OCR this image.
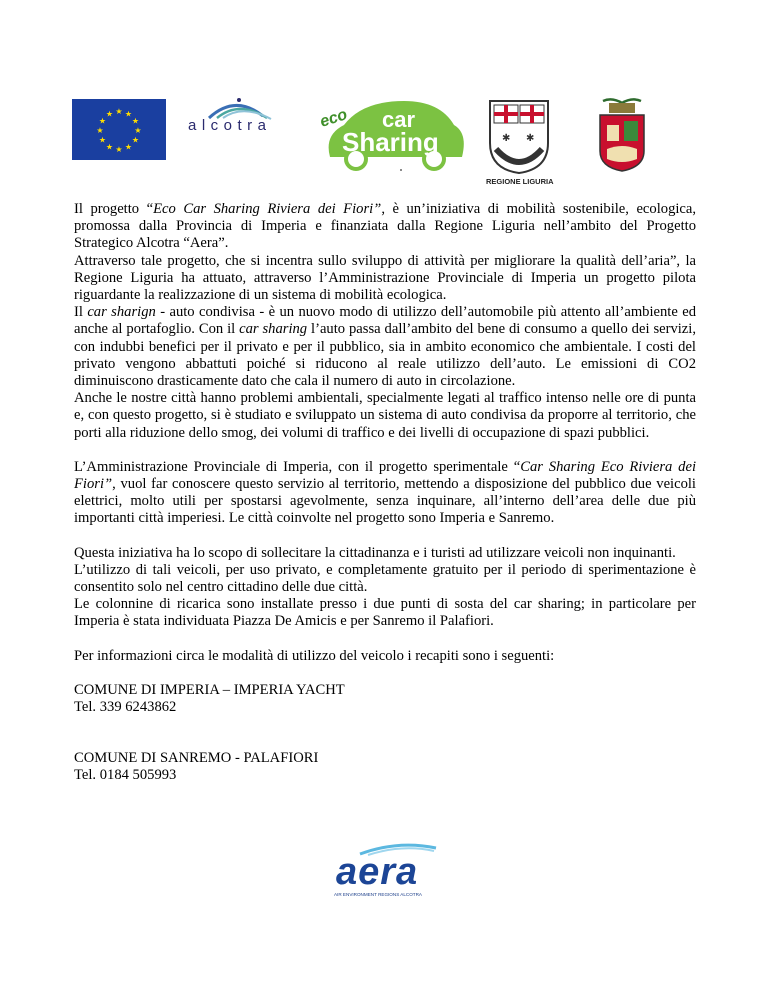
★ ★
★
★
★
★
★
★
★
★
★
★
alcotra	eco car
Sharing	✱ ✱
REGIONE LIGURIA

Il progetto “Eco Car Sharing Riviera dei Fiori”, è un’iniziativa di mobilità sostenibile, ecologica, promossa dalla Provincia di Imperia e finanziata dalla Regione Liguria nell’ambito del Progetto Strategico Alcotra “Aera”.

Attraverso tale progetto, che si incentra sullo sviluppo di attività per migliorare la qualità dell’aria”, la Regione Liguria ha attuato, attraverso l’Amministrazione Provinciale di Imperia un progetto pilota riguardante la realizzazione di un sistema di mobilità ecologica.

Il car sharign - auto condivisa - è un nuovo modo di utilizzo dell’automobile più attento all’ambiente ed anche al portafoglio. Con il car sharing l’auto passa dall’ambito del bene di consumo a quello dei servizi, con indubbi benefici per il privato e per il pubblico, sia in ambito economico che ambientale. I costi del privato vengono abbattuti poiché si riducono al reale utilizzo dell’auto. Le emissioni di CO2 diminuiscono drasticamente dato che cala il numero di auto in circolazione.

Anche le nostre città hanno problemi ambientali, specialmente legati al traffico intenso nelle ore di punta e, con questo progetto, si è studiato e sviluppato un sistema di auto condivisa da proporre al territorio, che porti alla riduzione dello smog, dei volumi di traffico e dei livelli di occupazione di spazi pubblici.

L’Amministrazione Provinciale di Imperia, con il progetto sperimentale “Car Sharing Eco Riviera dei Fiori”, vuol far conoscere questo servizio al territorio, mettendo a disposizione del pubblico due veicoli elettrici, molto utili per spostarsi agevolmente, senza inquinare, all’interno dell’area delle due più importanti città imperiesi. Le città coinvolte nel progetto sono Imperia e Sanremo.

Questa iniziativa ha lo scopo di sollecitare la cittadinanza e i turisti ad utilizzare veicoli non inquinanti.

L’utilizzo di tali veicoli, per uso privato, e completamente gratuito per il periodo di sperimentazione è consentito solo nel centro cittadino delle due città.

Le colonnine di ricarica sono installate presso i due punti di sosta del car sharing; in particolare per Imperia è stata individuata Piazza De Amicis e per Sanremo il Palafiori.

Per informazioni circa le modalità di utilizzo del veicolo i recapiti sono i seguenti:

COMUNE DI IMPERIA – IMPERIA YACHT

Tel. 339 6243862

COMUNE DI SANREMO - PALAFIORI

Tel. 0184 505993

aera
AIR ENVIRONMENT REGIONS ALCOTRA
